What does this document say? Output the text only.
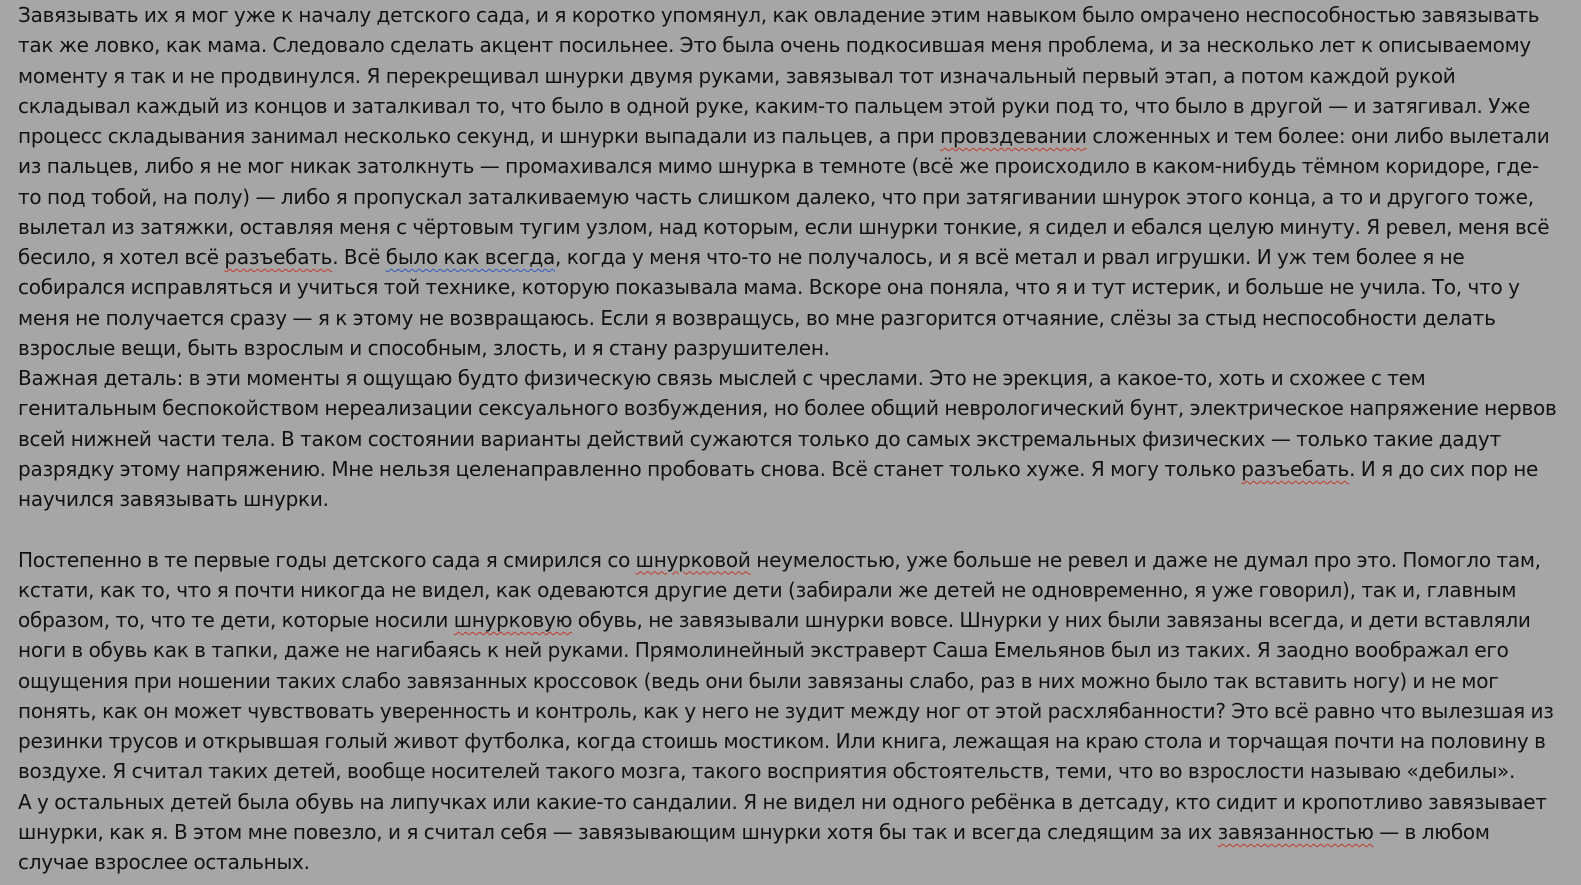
Завязывать их я мог уже к началу детского сада, и я коротко упомянул, как овладение этим навыком было омрачено неспособностью завязывать так же ловко, как мама. Следовало сделать акцент посильнее. Это была очень подкосившая меня проблема, и за несколько лет к описываемому моменту я так и не продвинулся. Я перекрещивал шнурки двумя руками, завязывал тот изначальный первый этап, а потом каждой рукой складывал каждый из концов и заталкивал то, что было в одной руке, каким-то пальцем этой руки под то, что было в другой — и затягивал. Уже процесс складывания занимал несколько секунд, и шнурки выпадали из пальцев, а при провздевании сложенных и тем более: они либо вылетали из пальцев, либо я не мог никак затолкнуть — промахивался мимо шнурка в темноте (всё же происходило в каком-нибудь тёмном коридоре, где-то под тобой, на полу) — либо я пропускал заталкиваемую часть слишком далеко, что при затягивании шнурок этого конца, а то и другого тоже, вылетал из затяжки, оставляя меня с чёртовым тугим узлом, над которым, если шнурки тонкие, я сидел и ебался целую минуту. Я ревел, меня всё бесило, я хотел всё разъебать. Всё было как всегда, когда у меня что-то не получалось, и я всё метал и рвал игрушки. И уж тем более я не собирался исправляться и учиться той технике, которую показывала мама. Вскоре она поняла, что я и тут истерик, и больше не учила. То, что у меня не получается сразу — я к этому не возвращаюсь. Если я возвращусь, во мне разгорится отчаяние, слёзы за стыд неспособности делать взрослые вещи, быть взрослым и способным, злость, и я стану разрушителен.

Важная деталь: в эти моменты я ощущаю будто физическую связь мыслей с чреслами. Это не эрекция, а какое-то, хоть и схожее с тем генитальным беспокойством нереализации сексуального возбуждения, но более общий неврологический бунт, электрическое напряжение нервов всей нижней части тела. В таком состоянии варианты действий сужаются только до самых экстремальных физических — только такие дадут разрядку этому напряжению. Мне нельзя целенаправленно пробовать снова. Всё станет только хуже. Я могу только разъебать. И я до сих пор не научился завязывать шнурки.

Постепенно в те первые годы детского сада я смирился со шнурковой неумелостью, уже больше не ревел и даже не думал про это. Помогло там, кстати, как то, что я почти никогда не видел, как одеваются другие дети (забирали же детей не одновременно, я уже говорил), так и, главным образом, то, что те дети, которые носили шнурковую обувь, не завязывали шнурки вовсе. Шнурки у них были завязаны всегда, и дети вставляли ноги в обувь как в тапки, даже не нагибаясь к ней руками. Прямолинейный экстраверт Саша Емельянов был из таких. Я заодно воображал его ощущения при ношении таких слабо завязанных кроссовок (ведь они были завязаны слабо, раз в них можно было так вставить ногу) и не мог понять, как он может чувствовать уверенность и контроль, как у него не зудит между ног от этой расхлябанности? Это всё равно что вылезшая из резинки трусов и открывшая голый живот футболка, когда стоишь мостиком. Или книга, лежащая на краю стола и торчащая почти на половину в воздухе. Я считал таких детей, вообще носителей такого мозга, такого восприятия обстоятельств, теми, что во взрослости называю «дебилы».

А у остальных детей была обувь на липучках или какие-то сандалии. Я не видел ни одного ребёнка в детсаду, кто сидит и кропотливо завязывает шнурки, как я. В этом мне повезло, и я считал себя — завязывающим шнурки хотя бы так и всегда следящим за их завязанностью — в любом случае взрослее остальных.
